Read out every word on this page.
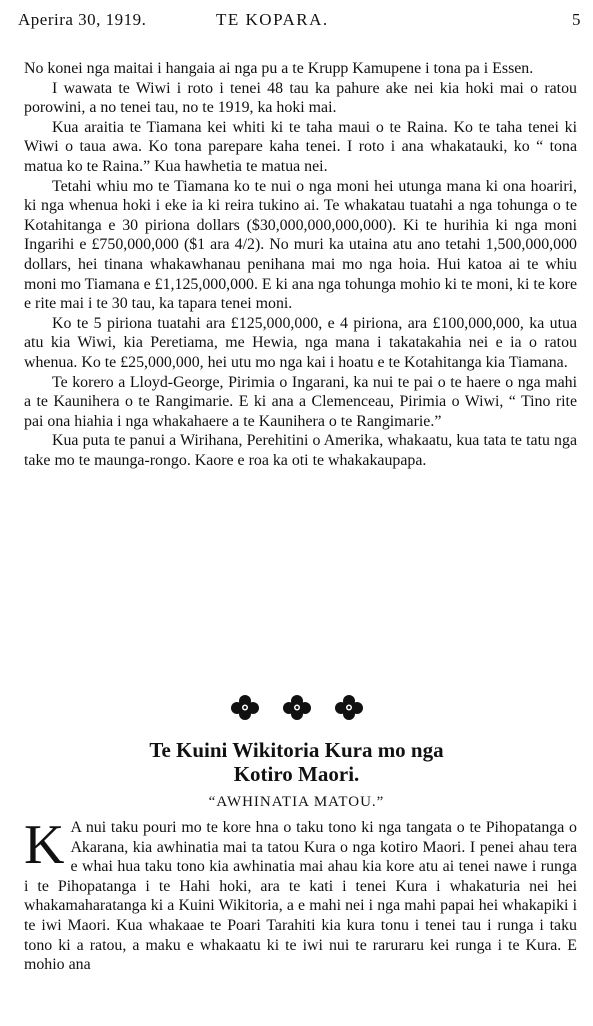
Aperira 30, 1919.	TE KOPARA.	5

No konei nga maitai i hangaia ai nga pu a te Krupp Kamupene i tona pa i Essen.

I wawata te Wiwi i roto i tenei 48 tau ka pahure ake nei kia hoki mai o ratou porowini, a no tenei tau, no te 1919, ka hoki mai.

Kua araitia te Tiamana kei whiti ki te taha maui o te Raina. Ko te taha tenei ki Wiwi o taua awa. Ko tona parepare kaha tenei. I roto i ana whakatauki, ko “ tona matua ko te Raina.” Kua hawhetia te matua nei.

Tetahi whiu mo te Tiamana ko te nui o nga moni hei utunga mana ki ona hoariri, ki nga whenua hoki i eke ia ki reira tukino ai. Te whakatau tuatahi a nga tohunga o te Kotahitanga e 30 piriona dollars ($30,000,000,000,000). Ki te hurihia ki nga moni Ingarihi e £750,000,000 ($1 ara 4/2). No muri ka utaina atu ano tetahi 1,500,000,000 dollars, hei tinana whakawhanau penihana mai mo nga hoia. Hui katoa ai te whiu moni mo Tiamana e £1,125,000,000. E ki ana nga tohunga mohio ki te moni, ki te kore e rite mai i te 30 tau, ka tapara tenei moni.

Ko te 5 piriona tuatahi ara £125,000,000, e 4 piriona, ara £100,000,000, ka utua atu kia Wiwi, kia Peretiama, me Hewia, nga mana i takatakahia nei e ia o ratou whenua. Ko te £25,000,000, hei utu mo nga kai i hoatu e te Kotahitanga kia Tiamana.

Te korero a Lloyd-George, Pirimia o Ingarani, ka nui te pai o te haere o nga mahi a te Kaunihera o te Rangimarie. E ki ana a Clemenceau, Pirimia o Wiwi, “ Tino rite pai ona hiahia i nga whakahaere a te Kaunihera o te Rangimarie.”

Kua puta te panui a Wirihana, Perehitini o Amerika, whakaatu, kua tata te tatu nga take mo te maunga-rongo. Kaore e roa ka oti te whakakaupapa.

Te Kuini Wikitoria Kura mo nga
Kotiro Maori.
“AWHINATIA MATOU.”
K A nui taku pouri mo te kore hna o taku tono ki nga tangata o te Pihopatanga o Akarana, kia awhinatia mai ta tatou Kura o nga kotiro Maori. I penei ahau tera e whai hua taku tono kia awhinatia mai ahau kia kore atu ai tenei nawe i runga i te Pihopatanga i te Hahi hoki, ara te kati i tenei Kura i whakaturia nei hei whakamaharatanga ki a Kuini Wikitoria, a e mahi nei i nga mahi papai hei whakapiki i te iwi Maori. Kua whakaae te Poari Tarahiti kia kura tonu i tenei tau i runga i taku tono ki a ratou, a maku e whakaatu ki te iwi nui te raruraru kei runga i te Kura. E mohio ana
